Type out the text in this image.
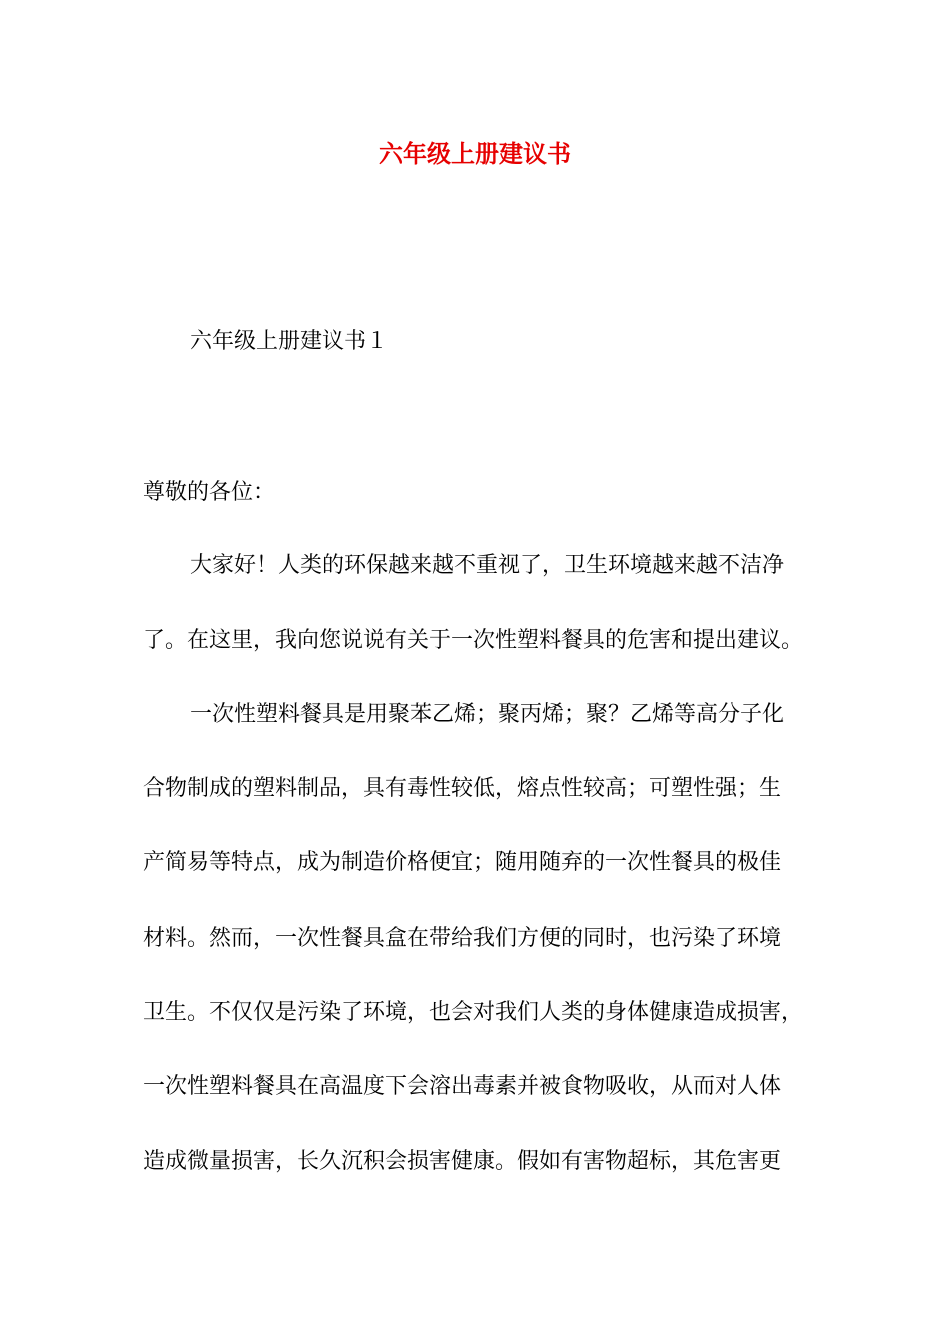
六年级上册建议书
六年级上册建议书１
尊敬的各位：
大家好！人类的环保越来越不重视了，卫生环境越来越不洁净
了。在这里，我向您说说有关于一次性塑料餐具的危害和提出建议。
一次性塑料餐具是用聚苯乙烯；聚丙烯；聚？乙烯等高分子化
合物制成的塑料制品，具有毒性较低，熔点性较高；可塑性强；生
产简易等特点，成为制造价格便宜；随用随弃的一次性餐具的极佳
材料。然而，一次性餐具盒在带给我们方便的同时，也污染了环境
卫生。不仅仅是污染了环境，也会对我们人类的身体健康造成损害，
一次性塑料餐具在高温度下会溶出毒素并被食物吸收，从而对人体
造成微量损害，长久沉积会损害健康。假如有害物超标，其危害更
